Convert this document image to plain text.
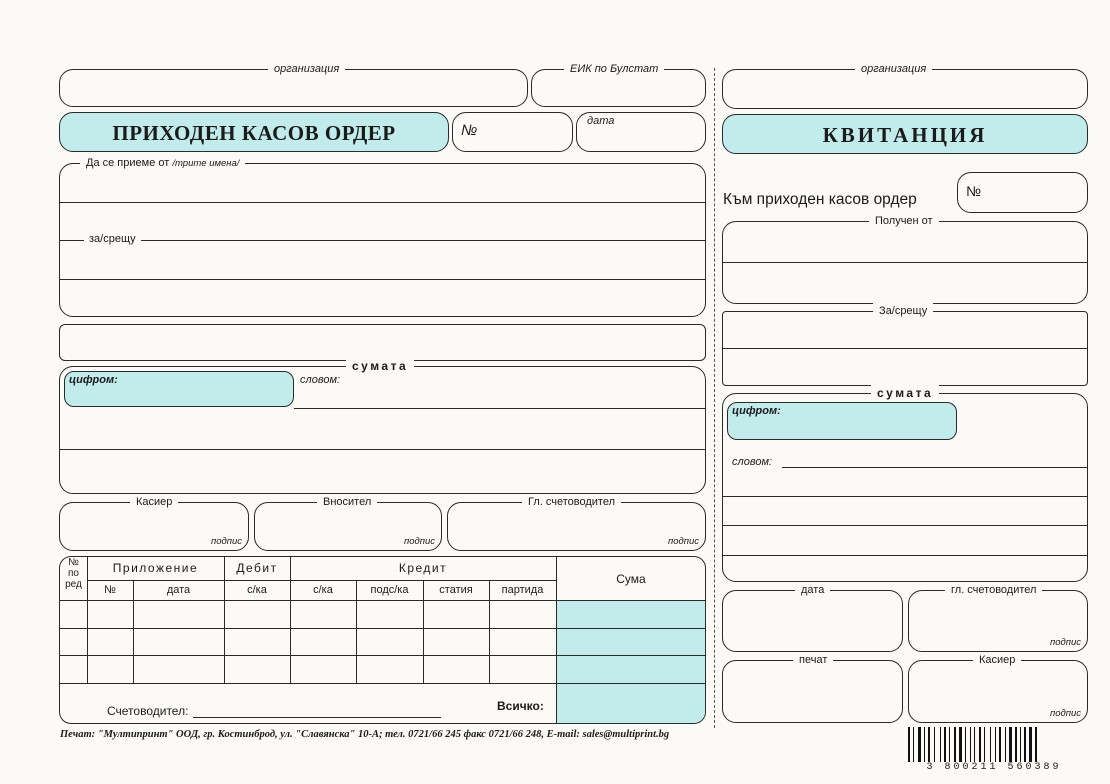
организация	ЕИК по Булстат
ПРИХОДЕН КАСОВ ОРДЕР	№
дата
Да се приеме от /трите имена/
за/срещу
сумата
цифром:	словом:
Касиер
подпис
Вносител
подпис
Гл. счетоводител
подпис
№
по
ред
Приложение	Дебит	Кредит
Сума
№	дата	с/ка	с/ка	подс/ка	статия	партида
Счетоводител:	Всичко:
организация
КВИТАНЦИЯ
Към приходен касов ордер	№
Получен от
За/срещу
сумата
цифром:
словом:
дата	гл. счетоводител
подпис
печат	Касиер
подпис
Печат: "Мултипринт" ООД, гр. Костинброд, ул. "Славянска" 10-А; тел. 0721/66 245 факс 0721/66 248, E-mail: sales@multiprint.bg
3 800211 560389
